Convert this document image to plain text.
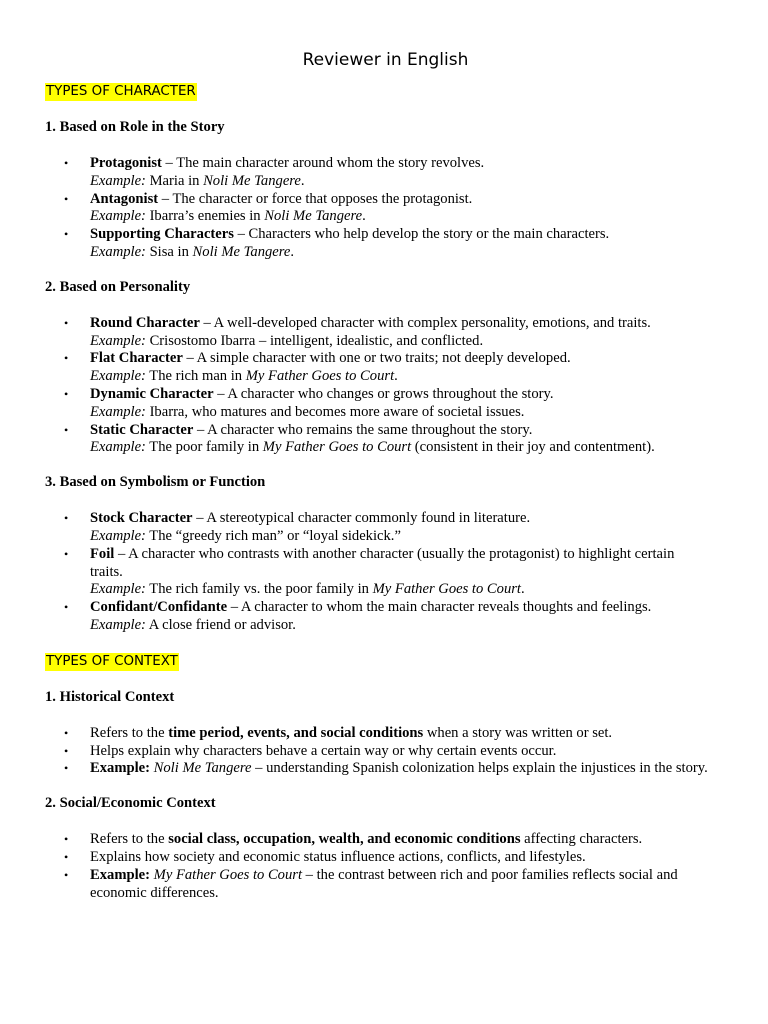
Reviewer in English
TYPES OF CHARACTER
1. Based on Role in the Story
• Protagonist – The main character around whom the story revolves.
Example: Maria in Noli Me Tangere.
• Antagonist – The character or force that opposes the protagonist.
Example: Ibarra’s enemies in Noli Me Tangere.
• Supporting Characters – Characters who help develop the story or the main characters.
Example: Sisa in Noli Me Tangere.
2. Based on Personality
• Round Character – A well-developed character with complex personality, emotions, and traits.
Example: Crisostomo Ibarra – intelligent, idealistic, and conflicted.
• Flat Character – A simple character with one or two traits; not deeply developed.
Example: The rich man in My Father Goes to Court.
• Dynamic Character – A character who changes or grows throughout the story.
Example: Ibarra, who matures and becomes more aware of societal issues.
• Static Character – A character who remains the same throughout the story.
Example: The poor family in My Father Goes to Court (consistent in their joy and contentment).
3. Based on Symbolism or Function
• Stock Character – A stereotypical character commonly found in literature.
Example: The “greedy rich man” or “loyal sidekick.”
• Foil – A character who contrasts with another character (usually the protagonist) to highlight certain traits.
Example: The rich family vs. the poor family in My Father Goes to Court.
• Confidant/Confidante – A character to whom the main character reveals thoughts and feelings.
Example: A close friend or advisor.
TYPES OF CONTEXT
1. Historical Context
• Refers to the time period, events, and social conditions when a story was written or set.
• Helps explain why characters behave a certain way or why certain events occur.
• Example: Noli Me Tangere – understanding Spanish colonization helps explain the injustices in the story.
2. Social/Economic Context
• Refers to the social class, occupation, wealth, and economic conditions affecting characters.
• Explains how society and economic status influence actions, conflicts, and lifestyles.
• Example: My Father Goes to Court – the contrast between rich and poor families reflects social and economic differences.
